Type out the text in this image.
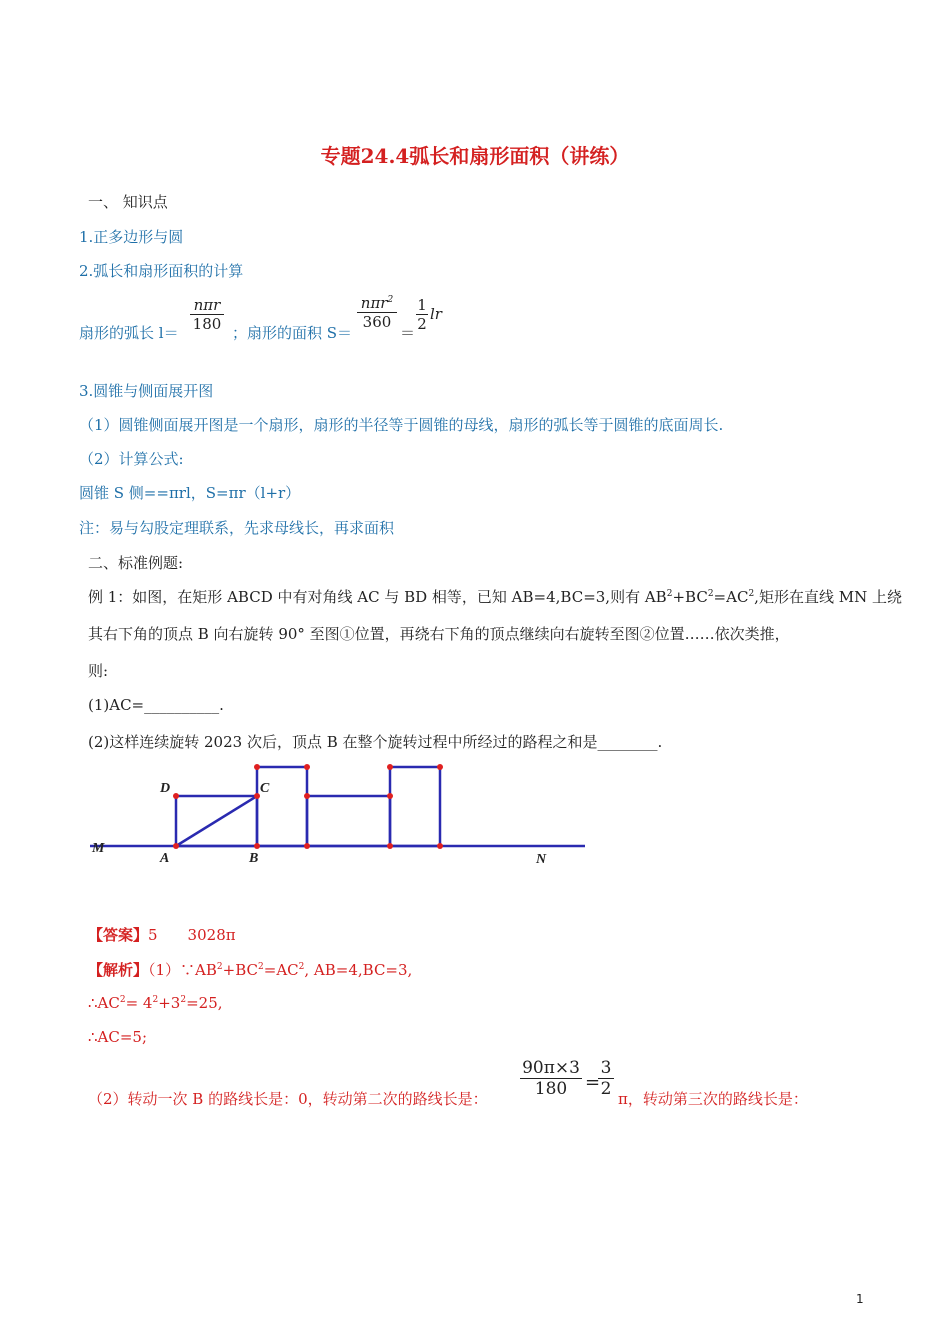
专题24.4弧长和扇形面积（讲练）
一、 知识点
1.正多边形与圆
2.弧长和扇形面积的计算
扇形的弧长 l＝
nπr
180 ；扇形的面积 S＝
nπr$^2$
360
＝
1
2
lr
3.圆锥与侧面展开图
（1）圆锥侧面展开图是一个扇形，扇形的半径等于圆锥的母线，扇形的弧长等于圆锥的底面周长.
（2）计算公式:
圆锥 S 侧==πrl，S=πr（l+r）
注：易与勾股定理联系，先求母线长，再求面积
二、标准例题:
例 1：如图，在矩形 ABCD 中有对角线 AC 与 BD 相等，已知 AB=4,BC=3,则有 $AB^2+BC^2=AC^2$,矩形在直线 MN 上绕
其右下角的顶点 B 向右旋转 90° 至图①位置，再绕右下角的顶点继续向右旋转至图②位置……依次类推，
则:
(1)AC=__________.
(2)这样连续旋转 2023 次后，顶点 B 在整个旋转过程中所经过的路程之和是________.
D	C
M
A	B	N
【答案】5　　3028π
【解析】$(1)\because AB^2+BC^2=AC^2$, AB=4,BC=3,
$\therefore AC^2= 4^2+3^2=25$,
∴AC=5;
（2）转动一次 B 的路线长是：0，转动第二次的路线长是：
90π×3
180 =
3
2 π，转动第三次的路线长是：
1
